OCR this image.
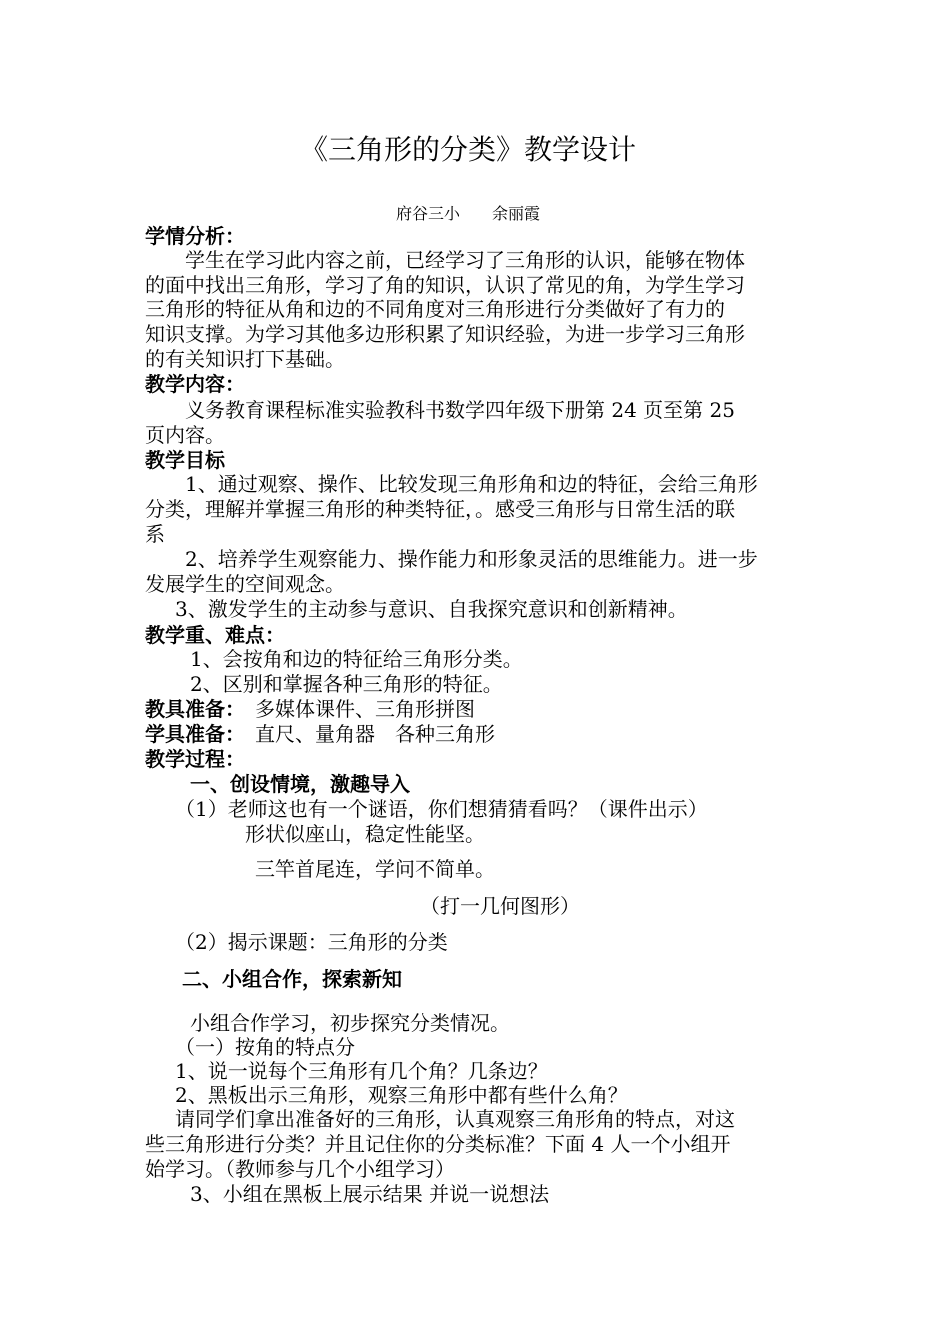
《三角形的分类》教学设计
府谷三小　　余丽霞
学情分析：
学生在学习此内容之前，已经学习了三角形的认识，能够在物体
的面中找出三角形，学习了角的知识，认识了常见的角，为学生学习
三角形的特征从角和边的不同角度对三角形进行分类做好了有力的
知识支撑。为学习其他多边形积累了知识经验，为进一步学习三角形
的有关知识打下基础。
教学内容：
义务教育课程标准实验教科书数学四年级下册第 24 页至第 25
页内容。
教学目标
1、通过观察、操作、比较发现三角形角和边的特征，会给三角形
分类，理解并掌握三角形的种类特征，。感受三角形与日常生活的联
系
2、培养学生观察能力、操作能力和形象灵活的思维能力。进一步
发展学生的空间观念。
3、激发学生的主动参与意识、自我探究意识和创新精神。
教学重、难点：
1、会按角和边的特征给三角形分类。
2、区别和掌握各种三角形的特征。
教具准备： 多媒体课件、三角形拼图
学具准备： 直尺、量角器　各种三角形
教学过程：
一、创设情境，激趣导入
（1）老师这也有一个谜语，你们想猜猜看吗？（课件出示）
形状似座山，稳定性能坚。
三竿首尾连，学问不简单。
（打一几何图形）
（2）揭示课题：三角形的分类
二、小组合作，探索新知
小组合作学习，初步探究分类情况。
（一）按角的特点分
1、说一说每个三角形有几个角？几条边？
2、黑板出示三角形，观察三角形中都有些什么角？
请同学们拿出准备好的三角形，认真观察三角形角的特点，对这
些三角形进行分类？并且记住你的分类标准？下面 4 人一个小组开
始学习。（教师参与几个小组学习）
3、小组在黑板上展示结果 并说一说想法
